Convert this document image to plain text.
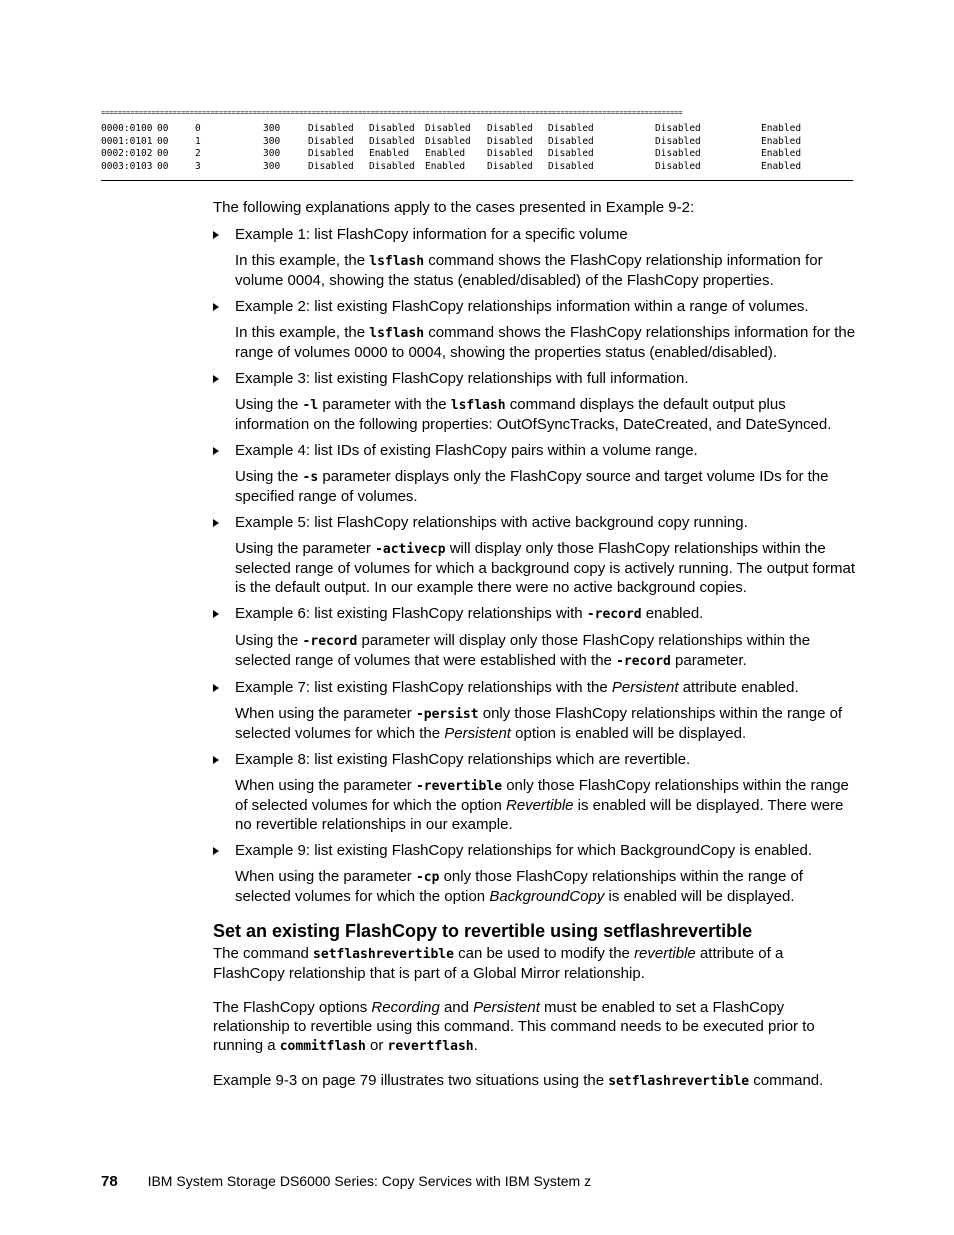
==========================================================================================================================================
0000:0100 00	0	300	Disabled Disabled Disabled Disabled Disabled	Disabled	Enabled
0001:0101 00	1	300	Disabled Disabled Disabled Disabled Disabled	Disabled	Enabled
0002:0102 00	2	300	Disabled Enabled Enabled Disabled Disabled	Disabled	Enabled
0003:0103 00	3	300	Disabled Disabled Enabled Disabled Disabled	Disabled	Enabled

The following explanations apply to the cases presented in Example 9-2:

Example 1: list FlashCopy information for a specific volume

In this example, the lsflash command shows the FlashCopy relationship information for volume 0004, showing the status (enabled/disabled) of the FlashCopy properties.

Example 2: list existing FlashCopy relationships information within a range of volumes.

In this example, the lsflash command shows the FlashCopy relationships information for the range of volumes 0000 to 0004, showing the properties status (enabled/disabled).

Example 3: list existing FlashCopy relationships with full information.

Using the -l parameter with the lsflash command displays the default output plus information on the following properties: OutOfSyncTracks, DateCreated, and DateSynced.

Example 4: list IDs of existing FlashCopy pairs within a volume range.

Using the -s parameter displays only the FlashCopy source and target volume IDs for the specified range of volumes.

Example 5: list FlashCopy relationships with active background copy running.

Using the parameter -activecp will display only those FlashCopy relationships within the selected range of volumes for which a background copy is actively running. The output format is the default output. In our example there were no active background copies.

Example 6: list existing FlashCopy relationships with -record enabled.

Using the -record parameter will display only those FlashCopy relationships within the selected range of volumes that were established with the -record parameter.

Example 7: list existing FlashCopy relationships with the Persistent attribute enabled.

When using the parameter -persist only those FlashCopy relationships within the range of selected volumes for which the Persistent option is enabled will be displayed.

Example 8: list existing FlashCopy relationships which are revertible.

When using the parameter -revertible only those FlashCopy relationships within the range of selected volumes for which the option Revertible is enabled will be displayed. There were no revertible relationships in our example.

Example 9: list existing FlashCopy relationships for which BackgroundCopy is enabled.

When using the parameter -cp only those FlashCopy relationships within the range of selected volumes for which the option BackgroundCopy is enabled will be displayed.

Set an existing FlashCopy to revertible using setflashrevertible

The command setflashrevertible can be used to modify the revertible attribute of a FlashCopy relationship that is part of a Global Mirror relationship.

The FlashCopy options Recording and Persistent must be enabled to set a FlashCopy relationship to revertible using this command. This command needs to be executed prior to running a commitflash or revertflash.

Example 9-3 on page 79 illustrates two situations using the setflashrevertible command.

78 IBM System Storage DS6000 Series: Copy Services with IBM System z
